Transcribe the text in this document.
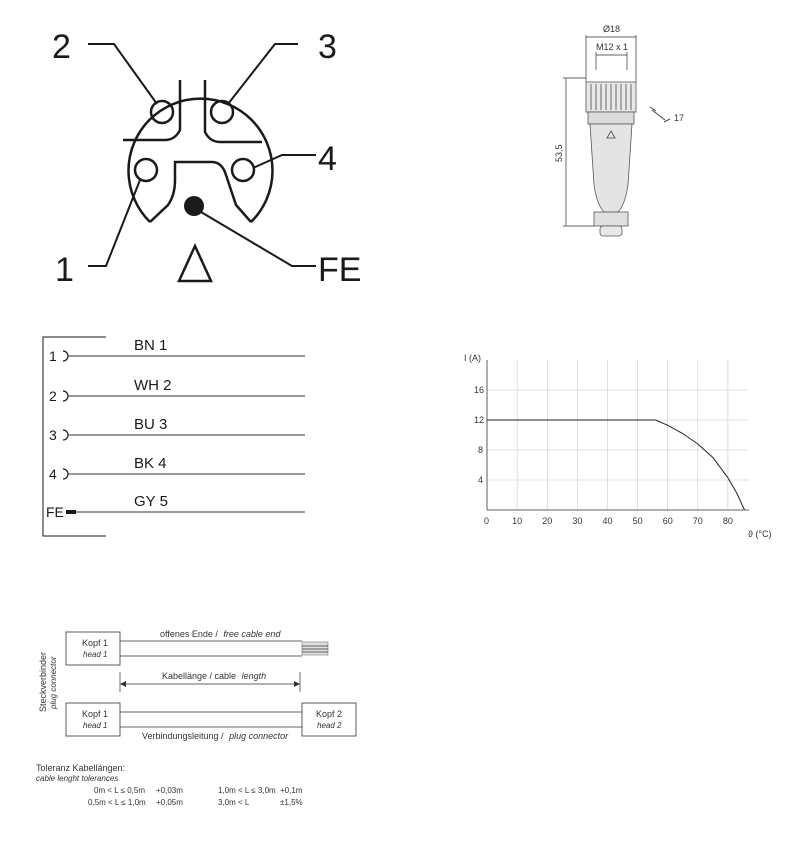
2	3
4
1	FE
Ø18
M12 x 1
17
53,5
1
BN 1
2
WH 2
3
BU 3
4
BK 4
FE
GY 5
0	10 20 30 40 50 60 70 80
4
8
12
16
I (A)
ϑ (°C)
Steckverbinder plug connector
Kopf 1
head 1
offenes Ende / free cable end
Kabellänge / cable length
Kopf 1
head 1
Kopf 2
head 2
Verbindungsleitung / plug connector
Toleranz Kabellängen:
cable lenght tolerances
0m < L ≤ 0,5m +0,03m
0,5m < L ≤ 1,0m +0,05m
1,0m < L ≤ 3,0m +0,1m
3,0m < L	±1,5%
